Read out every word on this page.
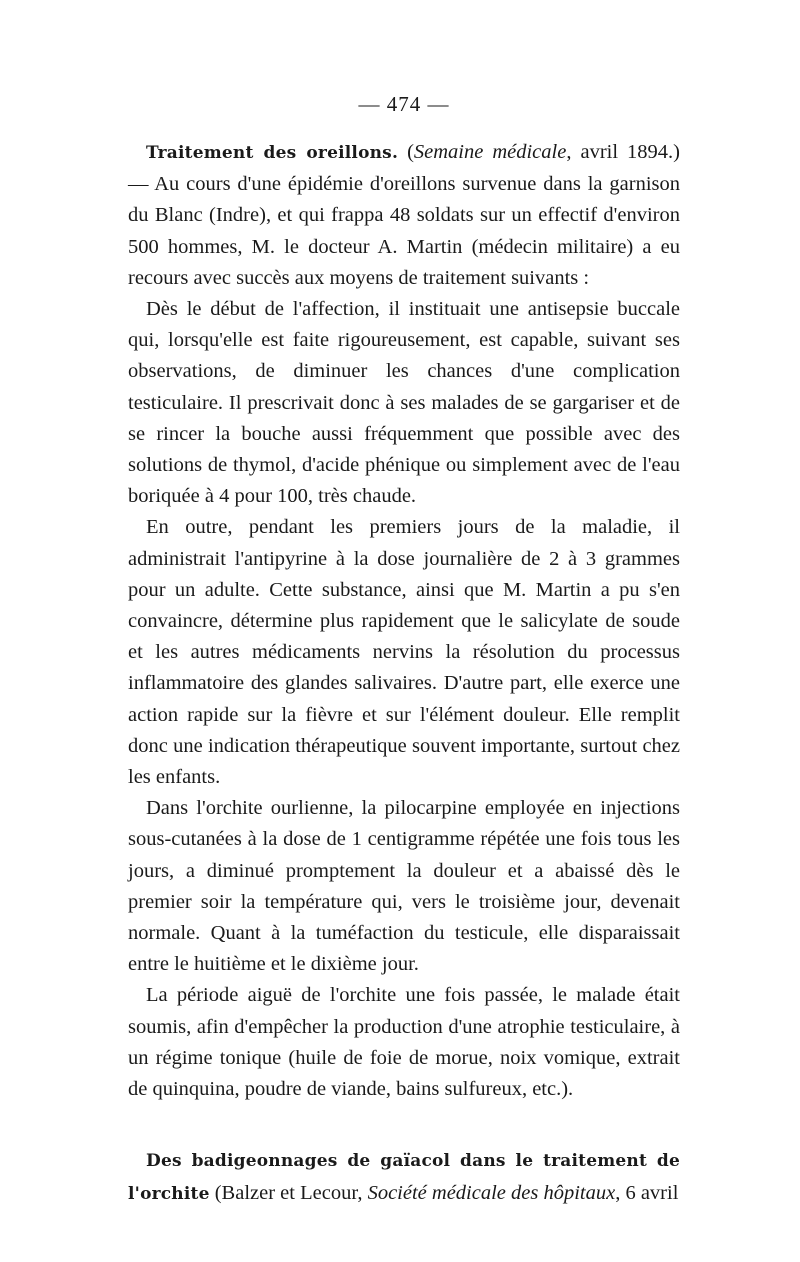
— 474 —

Traitement des oreillons. (Semaine médicale, avril 1894.) — Au cours d'une épidémie d'oreillons survenue dans la garnison du Blanc (Indre), et qui frappa 48 soldats sur un effectif d'environ 500 hommes, M. le docteur A. Martin (médecin militaire) a eu recours avec succès aux moyens de traitement suivants :

Dès le début de l'affection, il instituait une antisepsie buccale qui, lorsqu'elle est faite rigoureusement, est capable, suivant ses observations, de diminuer les chances d'une complication testiculaire. Il prescrivait donc à ses malades de se gargariser et de se rincer la bouche aussi fréquemment que possible avec des solutions de thymol, d'acide phénique ou simplement avec de l'eau boriquée à 4 pour 100, très chaude.

En outre, pendant les premiers jours de la maladie, il administrait l'antipyrine à la dose journalière de 2 à 3 grammes pour un adulte. Cette substance, ainsi que M. Martin a pu s'en convaincre, détermine plus rapidement que le salicylate de soude et les autres médicaments nervins la résolution du processus inflammatoire des glandes salivaires. D'autre part, elle exerce une action rapide sur la fièvre et sur l'élément douleur. Elle remplit donc une indication thérapeutique souvent importante, surtout chez les enfants.

Dans l'orchite ourlienne, la pilocarpine employée en injections sous-cutanées à la dose de 1 centigramme répétée une fois tous les jours, a diminué promptement la douleur et a abaissé dès le premier soir la température qui, vers le troisième jour, devenait normale. Quant à la tuméfaction du testicule, elle disparaissait entre le huitième et le dixième jour.

La période aiguë de l'orchite une fois passée, le malade était soumis, afin d'empêcher la production d'une atrophie testiculaire, à un régime tonique (huile de foie de morue, noix vomique, extrait de quinquina, poudre de viande, bains sulfureux, etc.).

Des badigeonnages de gaïacol dans le traitement de l'orchite (Balzer et Lecour, Société médicale des hôpitaux, 6 avril
